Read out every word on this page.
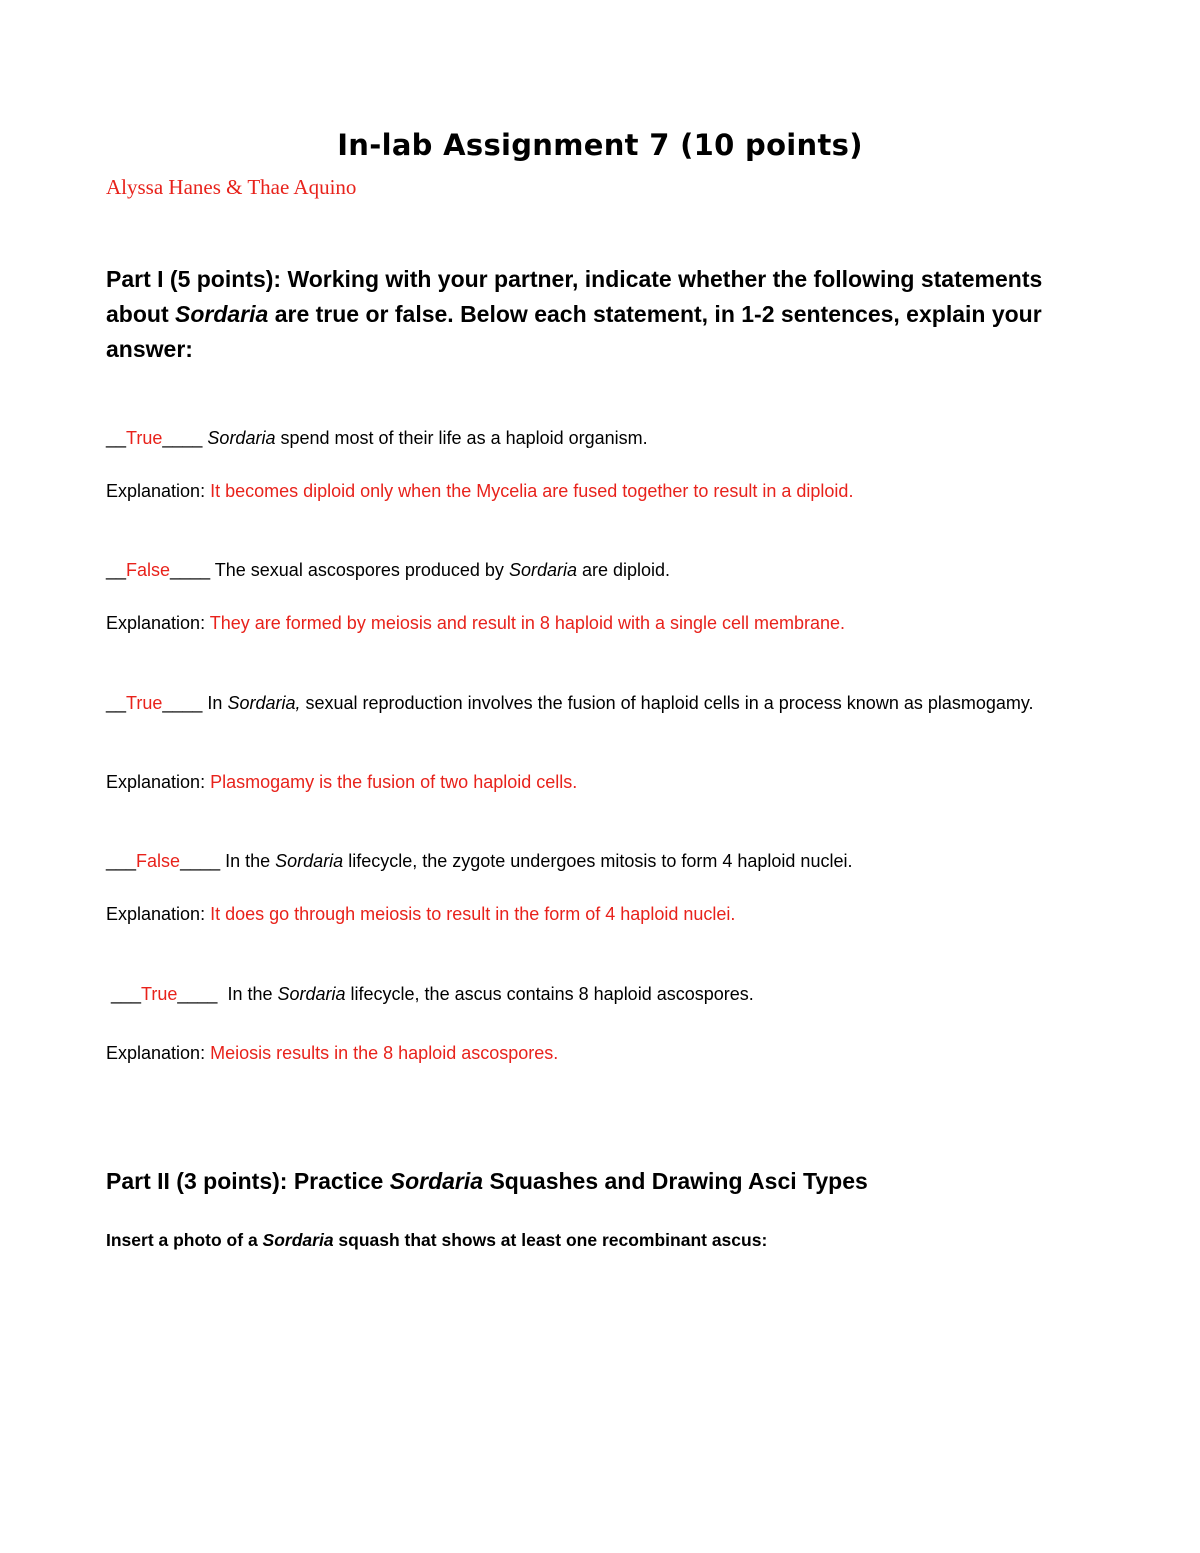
In-lab Assignment 7 (10 points)
Alyssa Hanes & Thae Aquino
Part I (5 points): Working with your partner, indicate whether the following statements about Sordaria are true or false. Below each statement, in 1-2 sentences, explain your answer:
__True____ Sordaria spend most of their life as a haploid organism.
Explanation: It becomes diploid only when the Mycelia are fused together to result in a diploid.
__False____ The sexual ascospores produced by Sordaria are diploid.
Explanation: They are formed by meiosis and result in 8 haploid with a single cell membrane.
__True____ In Sordaria, sexual reproduction involves the fusion of haploid cells in a process known as plasmogamy.
Explanation: Plasmogamy is the fusion of two haploid cells.
___False____ In the Sordaria lifecycle, the zygote undergoes mitosis to form 4 haploid nuclei.
Explanation: It does go through meiosis to result in the form of 4 haploid nuclei.
___True____  In the Sordaria lifecycle, the ascus contains 8 haploid ascospores.
Explanation: Meiosis results in the 8 haploid ascospores.
Part II (3 points): Practice Sordaria Squashes and Drawing Asci Types
Insert a photo of a Sordaria squash that shows at least one recombinant ascus:
